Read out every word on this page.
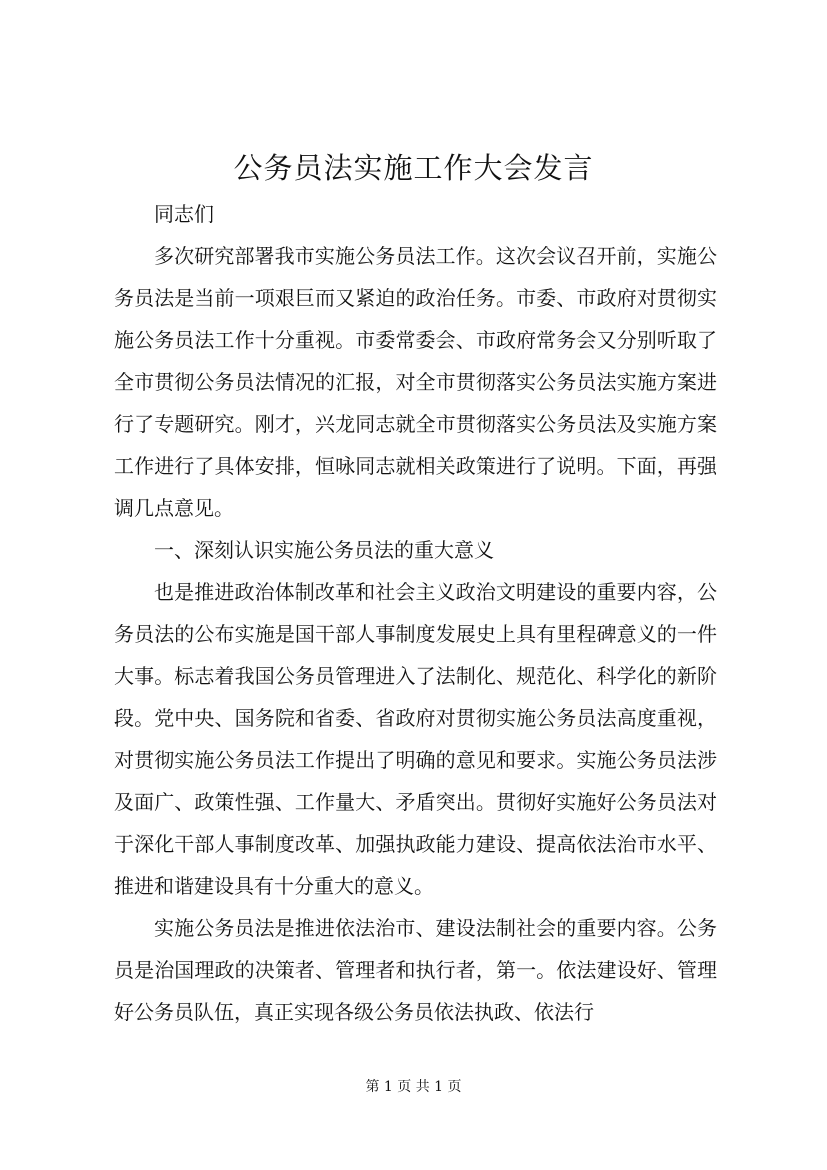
公务员法实施工作大会发言

同志们

多次研究部署我市实施公务员法工作。这次会议召开前，实施公务员法是当前一项艰巨而又紧迫的政治任务。市委、市政府对贯彻实施公务员法工作十分重视。市委常委会、市政府常务会又分别听取了全市贯彻公务员法情况的汇报，对全市贯彻落实公务员法实施方案进行了专题研究。刚才，兴龙同志就全市贯彻落实公务员法及实施方案工作进行了具体安排，恒咏同志就相关政策进行了说明。下面，再强调几点意见。

一、深刻认识实施公务员法的重大意义

也是推进政治体制改革和社会主义政治文明建设的重要内容，公务员法的公布实施是国干部人事制度发展史上具有里程碑意义的一件大事。标志着我国公务员管理进入了法制化、规范化、科学化的新阶段。党中央、国务院和省委、省政府对贯彻实施公务员法高度重视，对贯彻实施公务员法工作提出了明确的意见和要求。实施公务员法涉及面广、政策性强、工作量大、矛盾突出。贯彻好实施好公务员法对于深化干部人事制度改革、加强执政能力建设、提高依法治市水平、推进和谐建设具有十分重大的意义。

实施公务员法是推进依法治市、建设法制社会的重要内容。公务员是治国理政的决策者、管理者和执行者，第一。依法建设好、管理好公务员队伍，真正实现各级公务员依法执政、依法行

第 1 页 共 1 页
